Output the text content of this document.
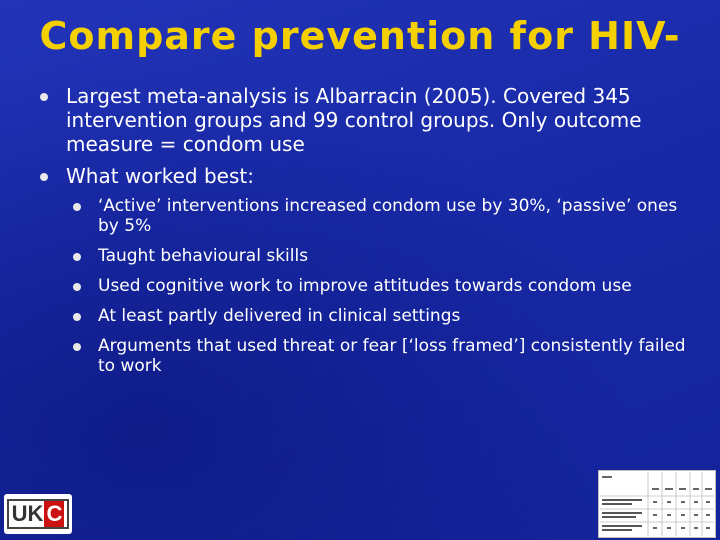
Compare prevention for HIV-
Largest meta-analysis is Albarracin (2005). Covered 345 intervention groups and 99 control groups. Only outcome measure = condom use
What worked best:
‘Active’ interventions increased condom use by 30%, ‘passive’ ones by 5%
Taught behavioural skills
Used cognitive work to improve attitudes towards condom use
At least partly delivered in clinical settings
Arguments that used threat or fear [‘loss framed’] consistently failed to work
UK C
